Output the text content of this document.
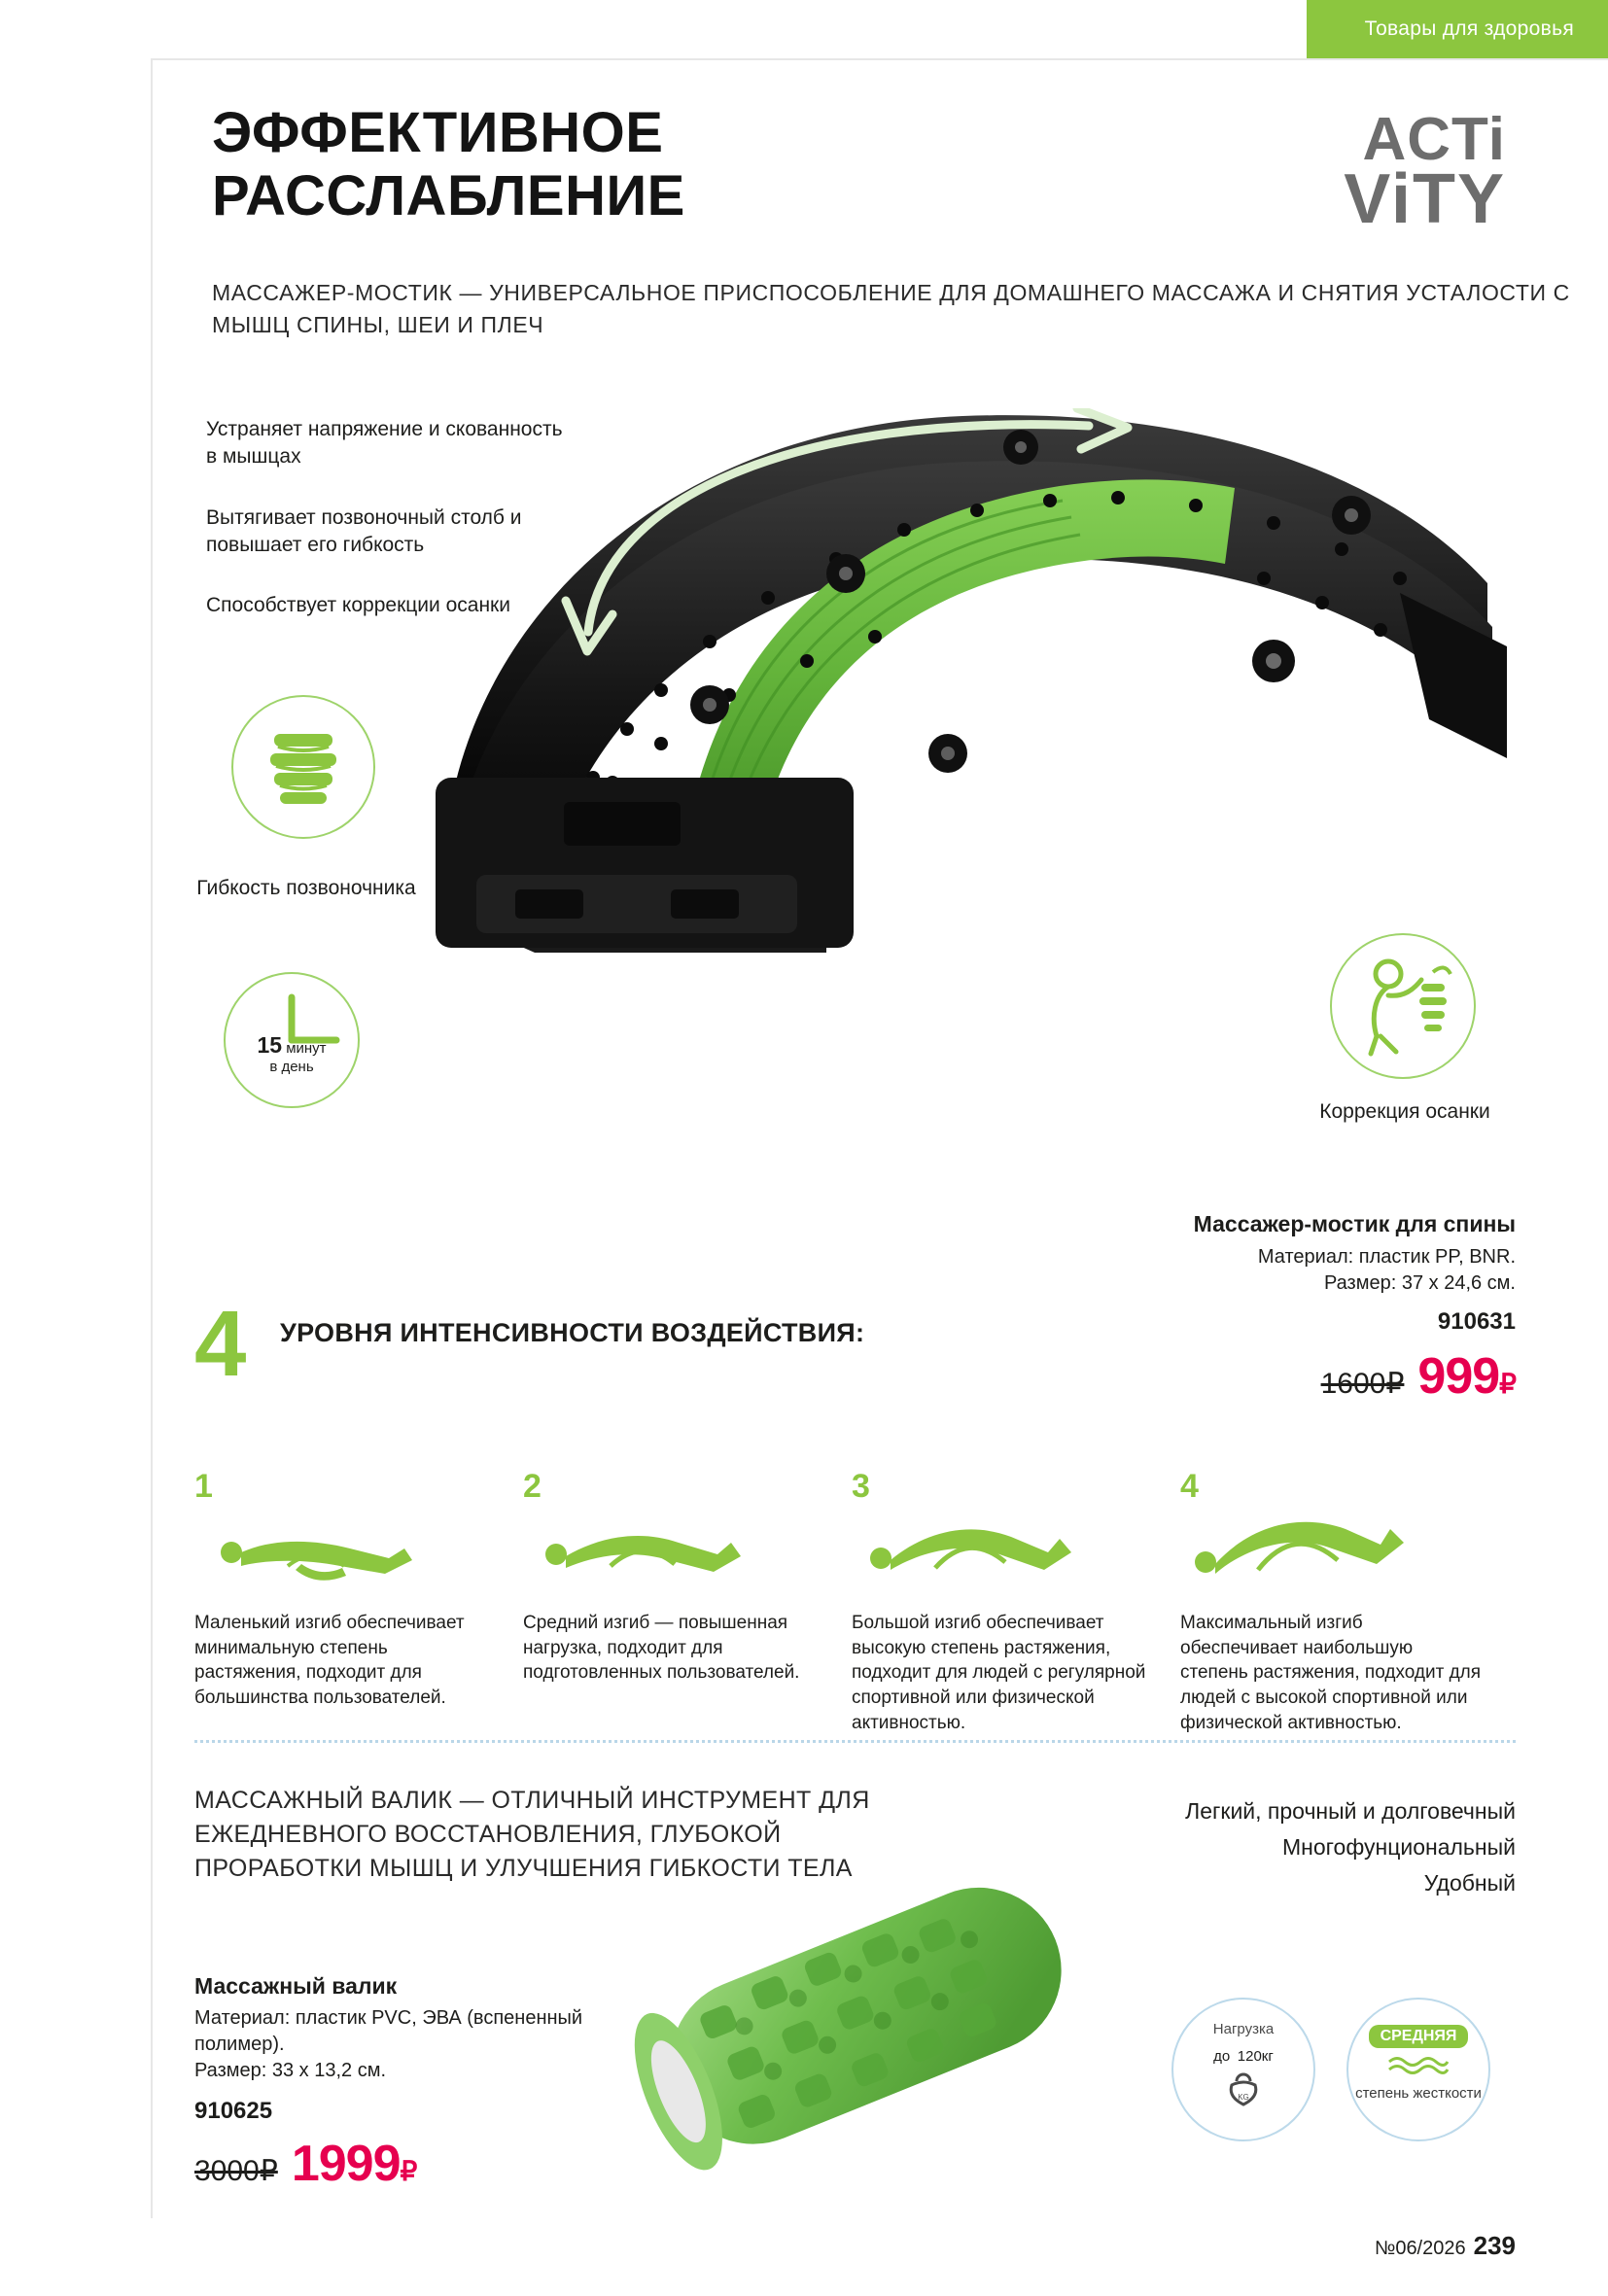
Товары для здоровья
ЭФФЕКТИВНОЕ
РАССЛАБЛЕНИЕ
МАССАЖЕР-МОСТИК — УНИВЕРСАЛЬНОЕ ПРИСПОСОБЛЕНИЕ ДЛЯ ДОМАШНЕГО МАССАЖА И СНЯТИЯ УСТАЛОСТИ С МЫШЦ СПИНЫ, ШЕИ И ПЛЕЧ
ACTi
ViTY
Устраняет напряжение и скованность в мышцах
Вытягивает позвоночный столб и повышает его гибкость
Способствует коррекции осанки
Гибкость позвоночника
15 минут
в день
Коррекция осанки
Массажер-мостик для спины
Материал: пластик PP, BNR.
Размер: 37 x 24,6 см.
910631
1600₽ 999₽
4 УРОВНЯ ИНТЕНСИВНОСТИ ВОЗДЕЙСТВИЯ:
1
Маленький изгиб обеспечивает минимальную степень растяжения, подходит для большинства пользователей.
2
Средний изгиб — повышенная нагрузка, подходит для подготовленных пользователей.
3
Большой изгиб обеспечивает высокую степень растяжения, подходит для людей с регулярной спортивной или физической активностью.
4
Максимальный изгиб обеспечивает наибольшую степень растяжения, подходит для людей с высокой спортивной или физической активностью.
МАССАЖНЫЙ ВАЛИК — ОТЛИЧНЫЙ ИНСТРУМЕНТ ДЛЯ ЕЖЕДНЕВНОГО ВОССТАНОВЛЕНИЯ, ГЛУБОКОЙ ПРОРАБОТКИ МЫШЦ И УЛУЧШЕНИЯ ГИБКОСТИ ТЕЛА
Легкий, прочный и долговечный
Многофунциональный
Удобный
Массажный валик
Материал: пластик PVC, ЭВА (вспененный полимер).
Размер: 33 x 13,2 см.
910625
3000₽ 1999₽
Нагрузка
до 120кг
KG
СРЕДНЯЯ
степень жесткости
№06/2026 239
